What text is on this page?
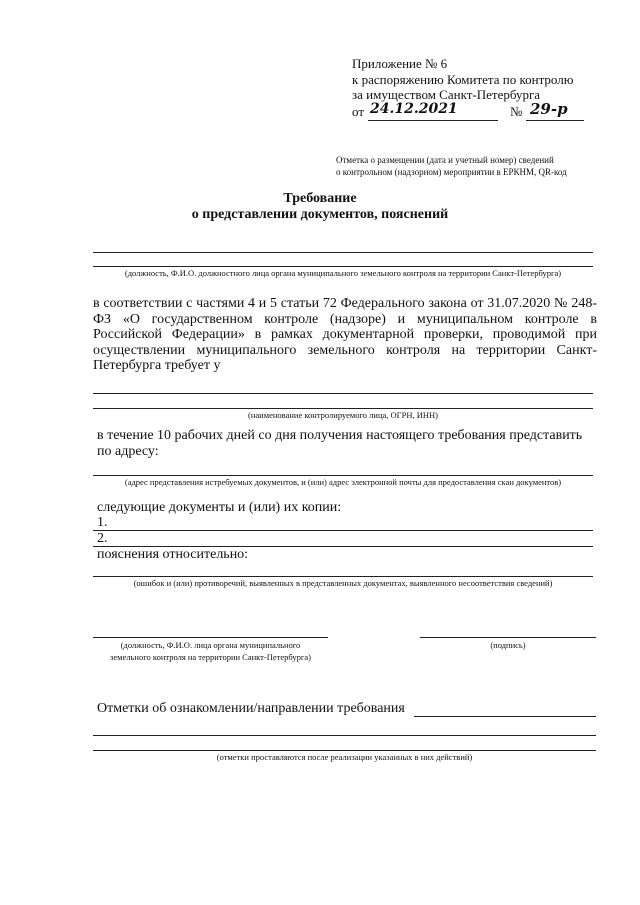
Приложение № 6
к распоряжению Комитета по контролю
за имуществом Санкт-Петербурга
от 24.12.2021	№ 29-р
Отметка о размещении (дата и учетный номер) сведений
о контрольном (надзорном) мероприятии в ЕРКНМ, QR-код
Требование
о представлении документов, пояснений
(должность, Ф.И.О. должностного лица органа муниципального земельного контроля на территории Санкт-Петербурга)
в соответствии с частями 4 и 5 статьи 72 Федерального закона от 31.07.2020 № 248-ФЗ «О государственном контроле (надзоре) и муниципальном контроле в Российской Федерации» в рамках документарной проверки, проводимой при осуществлении муниципального земельного контроля на территории Санкт-Петербурга требует у
(наименование контролируемого лица, ОГРН, ИНН)
в течение 10 рабочих дней со дня получения настоящего требования представить
по адресу:
(адрес представления истребуемых документов, и (или) адрес электронной почты для предоставления скан документов)
следующие документы и (или) их копии:
1.
2.
пояснения относительно:
(ошибок и (или) противоречий, выявленных в представленных документах, выявленного несоответствия сведений)
(должность, Ф.И.О. лица органа муниципального
земельного контроля на территории Санкт-Петербурга)
(подпись)
Отметки об ознакомлении/направлении требования
(отметки проставляются после реализации указанных в них действий)
